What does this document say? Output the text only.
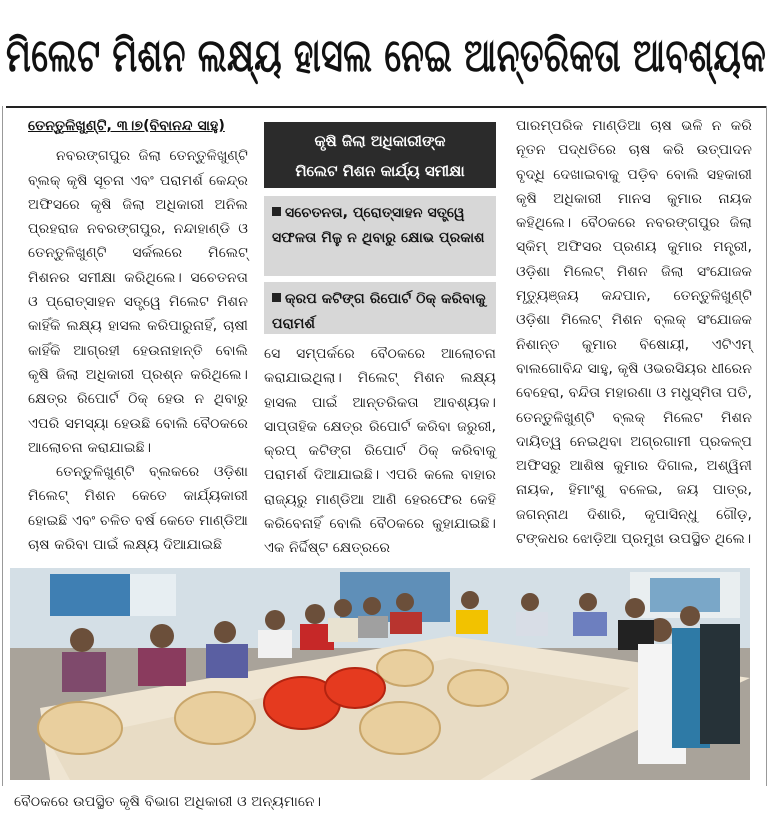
ମିଲେଟ ମିଶନ ଲକ୍ଷ୍ୟ ହାସଲ ନେଇ ଆନ୍ତରିକତା ଆବଶ୍ୟକ

ତେନ୍ତୁଳିଖୁଣ୍ଟି, ୩।୭(ବିବାନନ୍ଦ ସାହୁ)

ନବରଙ୍ଗପୁର ଜିଲା ତେନ୍ତୁଳିଖୁଣ୍ଟି ବ୍ଲକ୍ କୃଷି ସୂଚନା ଏବଂ ପରାମର୍ଶ କେନ୍ଦ୍ର ଅଫିସରେ କୃଷି ଜିଲା ଅଧିକାରୀ ଅନିଲ ପ୍ରହରାଜ ନବରଙ୍ଗପୁର, ନନ୍ଦାହାଣ୍ଡି ଓ ତେନ୍ତୁଳିଖୁଣ୍ଟି ସର୍କଲରେ ମିଲେଟ୍ ମିଶନର ସମୀକ୍ଷା କରିଥିଲେ। ସଚେତନତା ଓ ପ୍ରୋତ୍ସାହନ ସତ୍ତ୍ୱେ ମିଲେଟ ମିଶନ କାହିଁକି ଲକ୍ଷ୍ୟ ହାସଲ କରିପାରୁନାହିଁ, ଚାଷୀ କାହିଁକି ଆଗ୍ରହୀ ହେଉନାହାନ୍ତି ବୋଲି କୃଷି ଜିଲା ଅଧିକାରୀ ପ୍ରଶ୍ନ କରିଥିଲେ। କ୍ଷେତ୍ର ରିପୋର୍ଟ ଠିକ୍ ହେଉ ନ ଥିବାରୁ ଏପରି ସମସ୍ୟା ହେଉଛି ବୋଲି ବୈଠକରେ ଆଲୋଚନା କରାଯାଇଛି।

ତେନ୍ତୁଳିଖୁଣ୍ଟି ବ୍ଲକରେ ଓଡ଼ିଶା ମିଲେଟ୍ ମିଶନ କେତେ କାର୍ଯ୍ୟକାରୀ ହୋଇଛି ଏବଂ ଚଳିତ ବର୍ଷ କେତେ ମାଣ୍ଡିଆ ଚାଷ କରିବା ପାଇଁ ଲକ୍ଷ୍ୟ ଦିଆଯାଇଛି

କୃଷି ଜିଲା ଅଧିକାରୀଙ୍କ
ମିଲେଟ ମିଶନ କାର୍ଯ୍ୟ ସମୀକ୍ଷା
ସଚେତନତା, ପ୍ରୋତ୍ସାହନ ସତ୍ତ୍ୱେ ସଫଳତା ମିଳୁ ନ ଥିବାରୁ କ୍ଷୋଭ ପ୍ରକାଶ
କ୍ରପ କଟିଙ୍ଗ ରିପୋର୍ଟ ଠିକ୍ କରିବାକୁ ପରାମର୍ଶ

ସେ ସମ୍ପର୍କରେ ବୈଠକରେ ଆଲୋଚନା କରାଯାଇଥିଲା। ମିଲେଟ୍ ମିଶନ ଲକ୍ଷ୍ୟ ହାସଲ ପାଇଁ ଆନ୍ତରିକତା ଆବଶ୍ୟକ। ସାପ୍ତାହିକ କ୍ଷେତ୍ର ରିପୋର୍ଟ କରିବା ଜରୁରୀ, କ୍ରପ୍ କଟିଙ୍ଗ ରିପୋର୍ଟ ଠିକ୍ କରିବାକୁ ପରାମର୍ଶ ଦିଆଯାଇଛି। ଏପରି କଲେ ବାହାର ରାଜ୍ୟରୁ ମାଣ୍ଡିଆ ଆଣି ହେରଫେର କେହି କରିବେନାହିଁ ବୋଲି ବୈଠକରେ କୁହାଯାଇଛି। ଏକ ନିର୍ଦ୍ଦିଷ୍ଟ କ୍ଷେତ୍ରରେ

ପାରମ୍ପରିକ ମାଣ୍ଡିଆ ଚାଷ ଭଳି ନ କରି ନୂତନ ପଦ୍ଧତିରେ ଚାଷ କରି ଉତ୍ପାଦନ ବୃଦ୍ଧି ଦେଖାଇବାକୁ ପଡ଼ିବ ବୋଲି ସହକାରୀ କୃଷି ଅଧିକାରୀ ମାନସ କୁମାର ନାୟକ କହିଥିଲେ। ବୈଠକରେ ନବରଙ୍ଗପୁର ଜିଲା ସ୍କିମ୍ ଅଫିସର ପ୍ରଣୟ କୁମାର ମନ୍ତ୍ରୀ, ଓଡ଼ିଶା ମିଲେଟ୍ ମିଶନ ଜିଲା ସଂଯୋଜକ ମୃତ୍ୟୁଞ୍ଜୟ କନ୍ଦପାନ, ତେନ୍ତୁଳିଖୁଣ୍ଟି ଓଡ଼ିଶା ମିଲେଟ୍ ମିଶନ ବ୍ଲକ୍ ସଂଯୋଜକ ନିଶାନ୍ତ କୁମାର ବିଷୋୟୀ, ଏଟିଏମ୍ ବାଲଗୋବିନ୍ଦ ସାହୁ, କୃଷି ଓଭରସିୟର ଧୀରେନ ବେହେରା, ବନ୍ଦିତା ମହାରଣା ଓ ମଧୁସ୍ମିତା ପତି, ତେନ୍ତୁଳିଖୁଣ୍ଟି ବ୍ଲକ୍ ମିଲେଟ ମିଶନ ଦାୟିତ୍ୱ ନେଇଥିବା ଅଗ୍ରଗାମୀ ପ୍ରକଳ୍ପ ଅଫିସରୁ ଆଶିଷ କୁମାର ଦିଗାଲ, ଅଶ୍ୱିନୀ ନାୟକ, ହିମାଂଶୁ ବଳେଇ, ଜୟ ପାତ୍ର, ଜଗନ୍ନାଥ ଦିଶାରି, କୃପାସିନ୍ଧୁ ଗୌଡ଼, ଟଙ୍କଧର ଝୋଡ଼ିଆ ପ୍ରମୁଖ ଉପସ୍ଥିତ ଥିଲେ।

ବୈଠକରେ ଉପସ୍ଥିତ କୃଷି ବିଭାଗ ଅଧିକାରୀ ଓ ଅନ୍ୟମାନେ।
